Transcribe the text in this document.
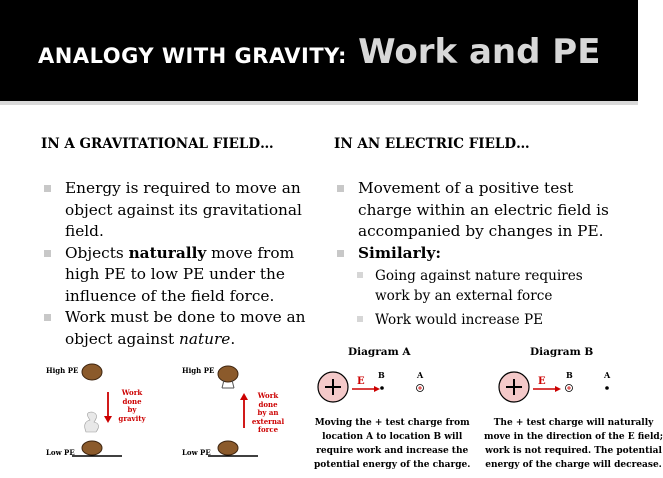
ANALOGY WITH GRAVITY: Work and PE
IN A GRAVITATIONAL FIELD…
Energy is required to move an object against its gravitational field.
Objects naturally move from high PE to low PE under the influence of the field force.
Work must be done to move an object against nature.
IN AN ELECTRIC FIELD…
Movement of a positive test charge within an electric field is accompanied by changes in PE.
Similarly:
Going against nature requires work by an external force
Work would increase PE
High PE
Low PE
Work done
by
gravity
High PE
Low PE
Work done
by an
external
force
Diagram A
E
B	A
Moving the + test charge from
location A to location B will
require work and increase the
potential energy of the charge.
Diagram B
E
B	A
The + test charge will naturally
move in the direction of the E field;
work is not required. The potential
energy of the charge will decrease.
